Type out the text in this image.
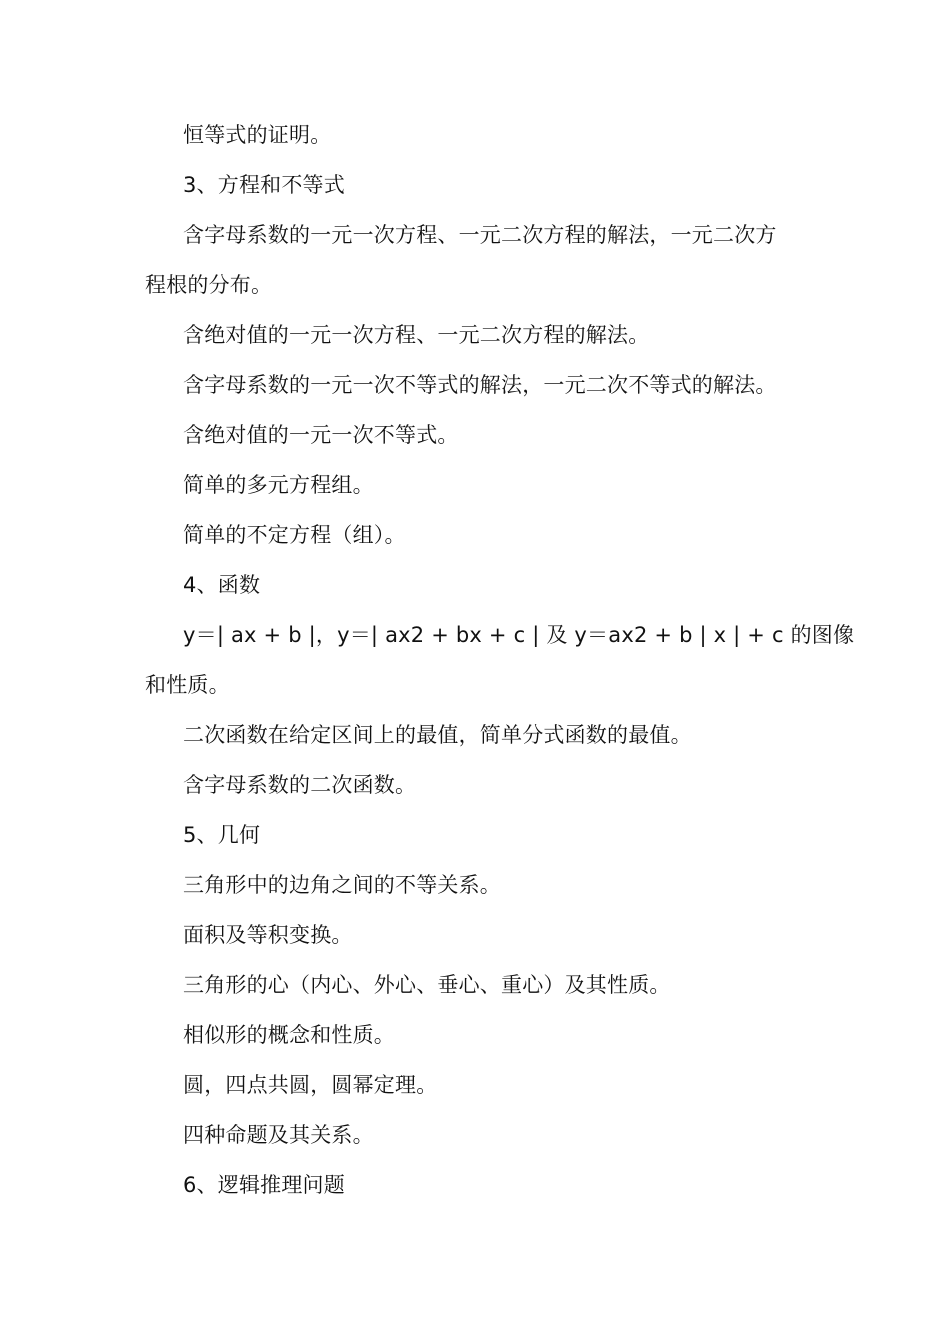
恒等式的证明。
3、方程和不等式
含字母系数的一元一次方程、一元二次方程的解法，一元二次方
程根的分布。
含绝对值的一元一次方程、一元二次方程的解法。
含字母系数的一元一次不等式的解法，一元二次不等式的解法。
含绝对值的一元一次不等式。
简单的多元方程组。
简单的不定方程（组）。
4、函数
y＝| ax + b |，y＝| ax2 + bx + c | 及 y＝ax2 + b | x | + c 的图像
和性质。
二次函数在给定区间上的最值，简单分式函数的最值。
含字母系数的二次函数。
5、几何
三角形中的边角之间的不等关系。
面积及等积变换。
三角形的心（内心、外心、垂心、重心）及其性质。
相似形的概念和性质。
圆，四点共圆，圆幂定理。
四种命题及其关系。
6、逻辑推理问题
